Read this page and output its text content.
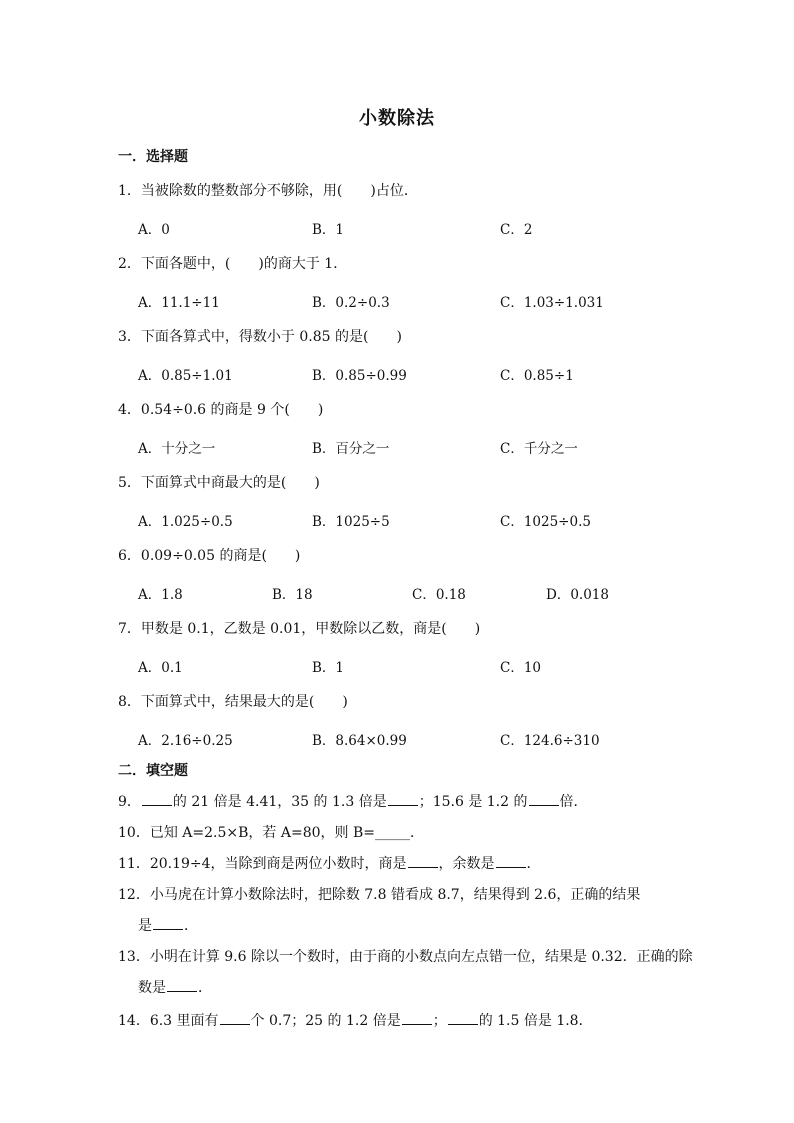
小数除法
一．选择题
1．当被除数的整数部分不够除，用( )占位．
A．0	B．1	C．2
2．下面各题中，( )的商大于 1．
A．11.1÷11	B．0.2÷0.3	C．1.03÷1.031
3．下面各算式中，得数小于 0.85 的是( )
A．0.85÷1.01	B．0.85÷0.99	C．0.85÷1
4．0.54÷0.6 的商是 9 个( )
A．十分之一	B．百分之一	C．千分之一
5．下面算式中商最大的是( )
A．1.025÷0.5	B．1025÷5	C．1025÷0.5
6．0.09÷0.05 的商是( )
A．1.8	B．18	C．0.18	D．0.018
7．甲数是 0.1，乙数是 0.01，甲数除以乙数，商是( )
A．0.1	B．1	C．10
8．下面算式中，结果最大的是( )
A．2.16÷0.25	B．8.64×0.99	C．124.6÷310
二．填空题
9． 的 21 倍是 4.41，35 的 1.3 倍是 ；15.6 是 1.2 的 倍．
10．已知 A=2.5×B，若 A=80，则 B=_____．
11．20.19÷4，当除到商是两位小数时，商是 ，余数是 ．
12．小马虎在计算小数除法时，把除数 7.8 错看成 8.7，结果得到 2.6，正确的结果
是 ．
13．小明在计算 9.6 除以一个数时，由于商的小数点向左点错一位，结果是 0.32．正确的除
数是 ．
14．6.3 里面有 个 0.7；25 的 1.2 倍是 ； 的 1.5 倍是 1.8．
